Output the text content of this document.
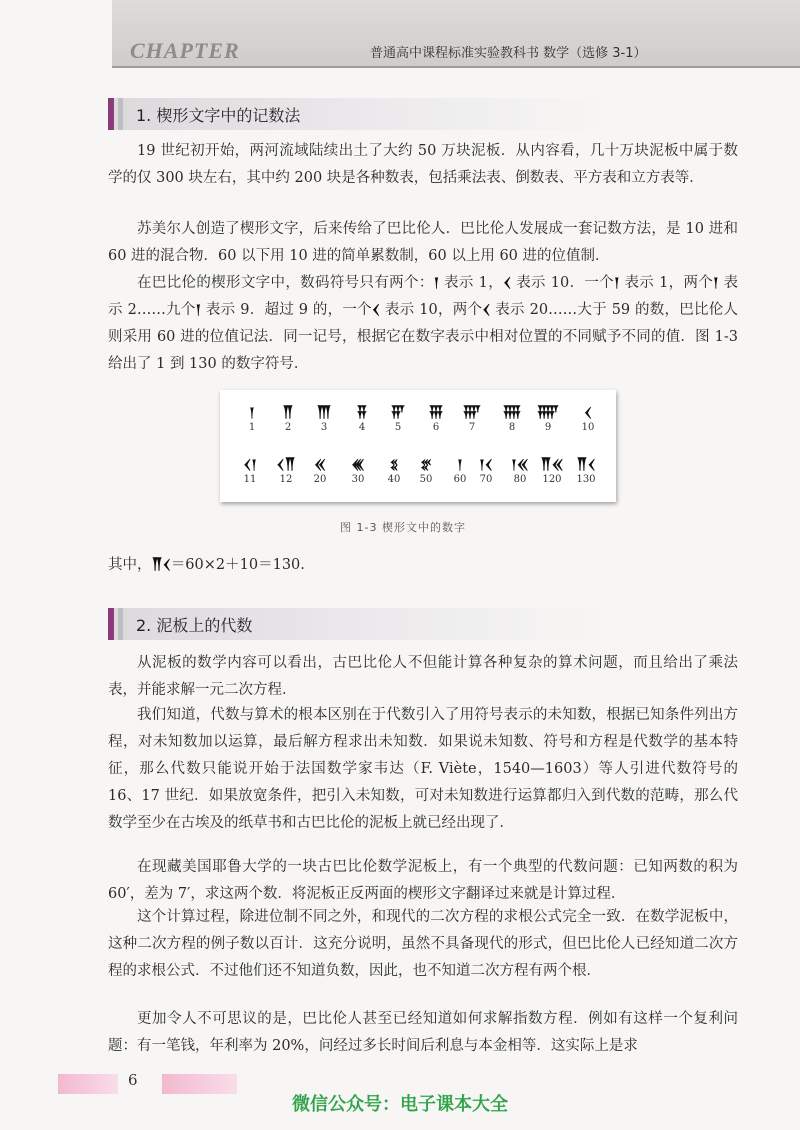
CHAPTER	普通高中课程标准实验教科书 数学（选修 3-1）
1. 楔形文字中的记数法

19 世纪初开始，两河流域陆续出土了大约 50 万块泥板．从内容看，几十万块泥板中属于数学的仅 300 块左右，其中约 200 块是各种数表，包括乘法表、倒数表、平方表和立方表等．

苏美尔人创造了楔形文字，后来传给了巴比伦人．巴比伦人发展成一套记数方法，是 10 进和 60 进的混合物．60 以下用 10 进的简单累数制，60 以上用 60 进的位值制．

在巴比伦的楔形文字中，数码符号只有两个：𒁹 表示 1，𒌋 表示 10．一个𒁹 表示 1，两个𒁹 表示 2……九个𒁹 表示 9．超过 9 的，一个𒌋 表示 10，两个𒌋 表示 20……大于 59 的数，巴比伦人则采用 60 进的位值记法．同一记号，根据它在数字表示中相对位置的不同赋予不同的值．图 1-3 给出了 1 到 130 的数字符号．

𒁹
1
𒐖
2
𒐗
3
𒐘
4
𒐙
5
𒐚
6
𒐛
7
𒐜
8
𒐝
9
𒌋
10
𒌋𒁹
11
𒌋𒐖
12
𒎙
20
𒌍
30
𒐏
40
𒐐
50
𒁹
60
𒁹𒌋
70
𒁹𒎙
80
𒐖𒎙
120
𒐖𒌋
130
图 1-3 楔形文中的数字
其中，𒐖𒌋＝60×2＋10＝130.
2. 泥板上的代数

从泥板的数学内容可以看出，古巴比伦人不但能计算各种复杂的算术问题，而且给出了乘法表，并能求解一元二次方程．

我们知道，代数与算术的根本区别在于代数引入了用符号表示的未知数，根据已知条件列出方程，对未知数加以运算，最后解方程求出未知数．如果说未知数、符号和方程是代数学的基本特征，那么代数只能说开始于法国数学家韦达（F. Viète，1540—1603）等人引进代数符号的 16、17 世纪．如果放宽条件，把引入未知数，可对未知数进行运算都归入到代数的范畴，那么代数学至少在古埃及的纸草书和古巴比伦的泥板上就已经出现了．

在现藏美国耶鲁大学的一块古巴比伦数学泥板上，有一个典型的代数问题：已知两数的积为 60′，差为 7′，求这两个数．将泥板正反两面的楔形文字翻译过来就是计算过程．

这个计算过程，除进位制不同之外，和现代的二次方程的求根公式完全一致．在数学泥板中，这种二次方程的例子数以百计．这充分说明，虽然不具备现代的形式，但巴比伦人已经知道二次方程的求根公式．不过他们还不知道负数，因此，也不知道二次方程有两个根．

更加令人不可思议的是，巴比伦人甚至已经知道如何求解指数方程．例如有这样一个复利问题：有一笔钱，年利率为 20%，问经过多长时间后利息与本金相等．这实际上是求

6
微信公众号：电子课本大全
